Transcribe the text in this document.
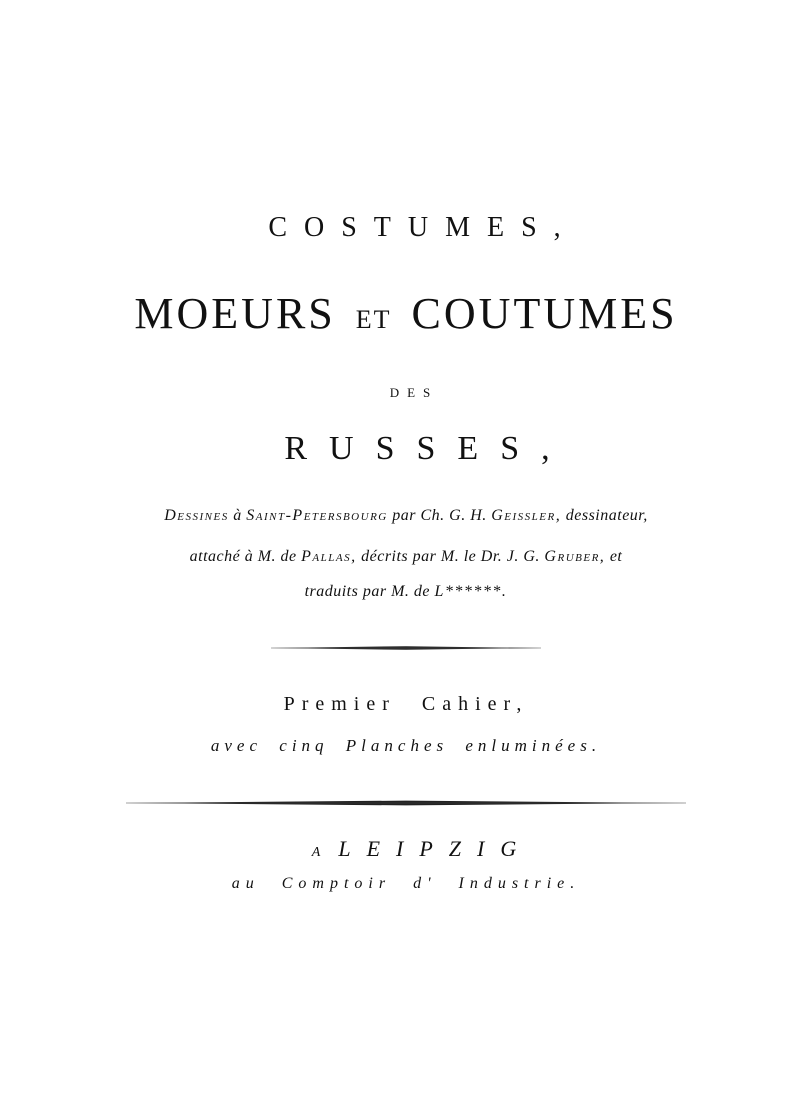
COSTUMES,
MOEURS ET COUTUMES
DES
RUSSES,
Dessines à Saint-Petersbourg par Ch. G. H. Geissler, dessinateur,
attaché à M. de Pallas, décrits par M. le Dr. J. G. Gruber, et
traduits par M. de L******.
Premier Cahier,
avec cinq Planches enluminées.
A LEIPZIG
au Comptoir d' Industrie.
